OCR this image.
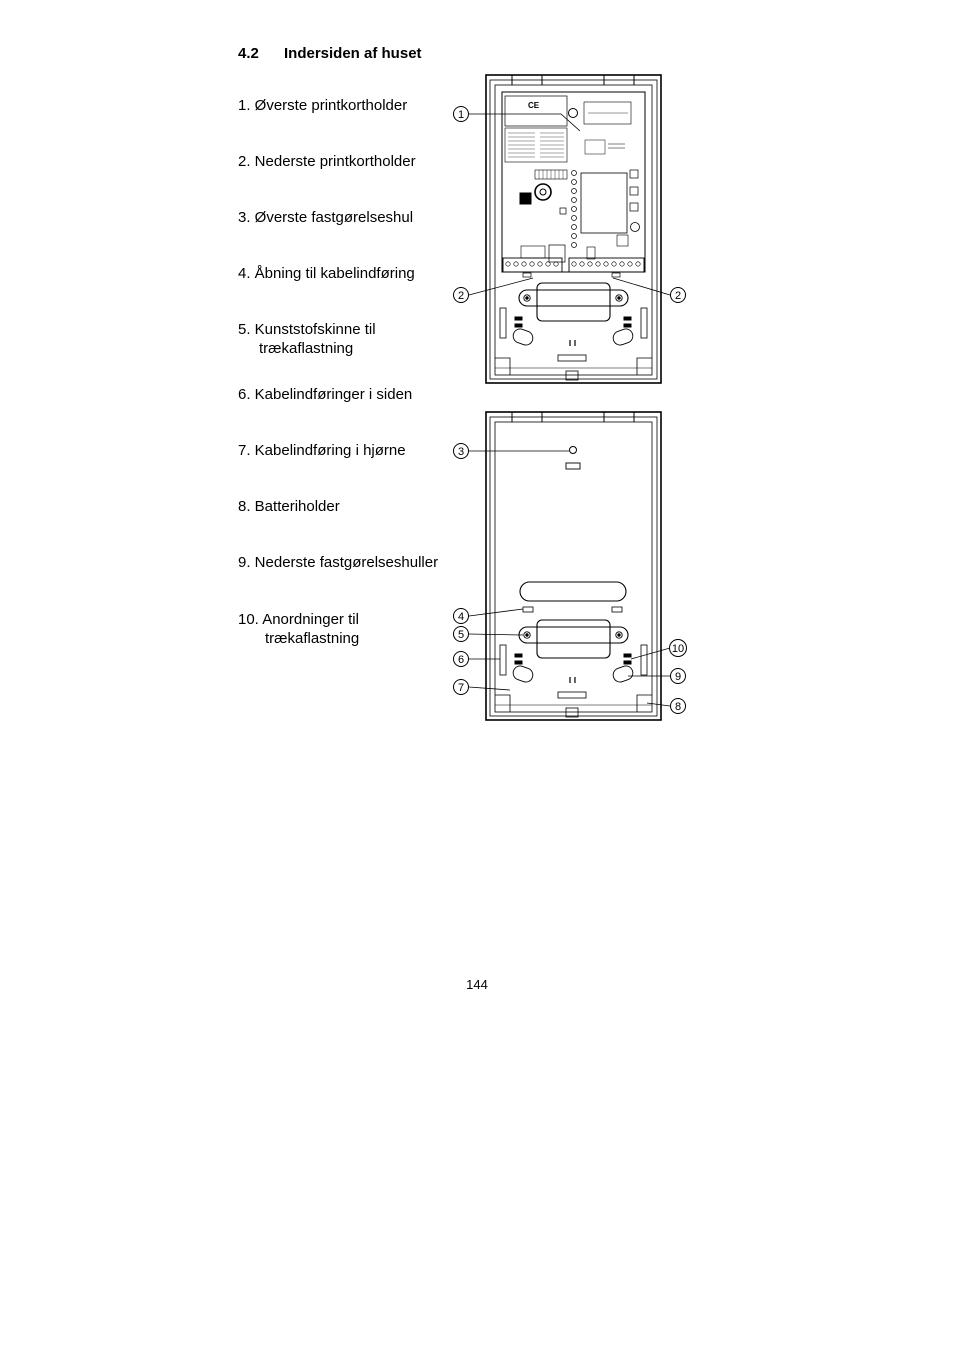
4.2 Indersiden af huset
1. Øverste printkortholder
2. Nederste printkortholder
3. Øverste fastgørelseshul
4. Åbning til kabelindføring
5. Kunststofskinne til
trækaflastning
6. Kabelindføringer i siden
7. Kabelindføring i hjørne
8. Batteriholder
9. Nederste fastgørelseshuller
10. Anordninger til
trækaflastning
CE
1
2	2
3
4
5
6
7
8
9
10
144
